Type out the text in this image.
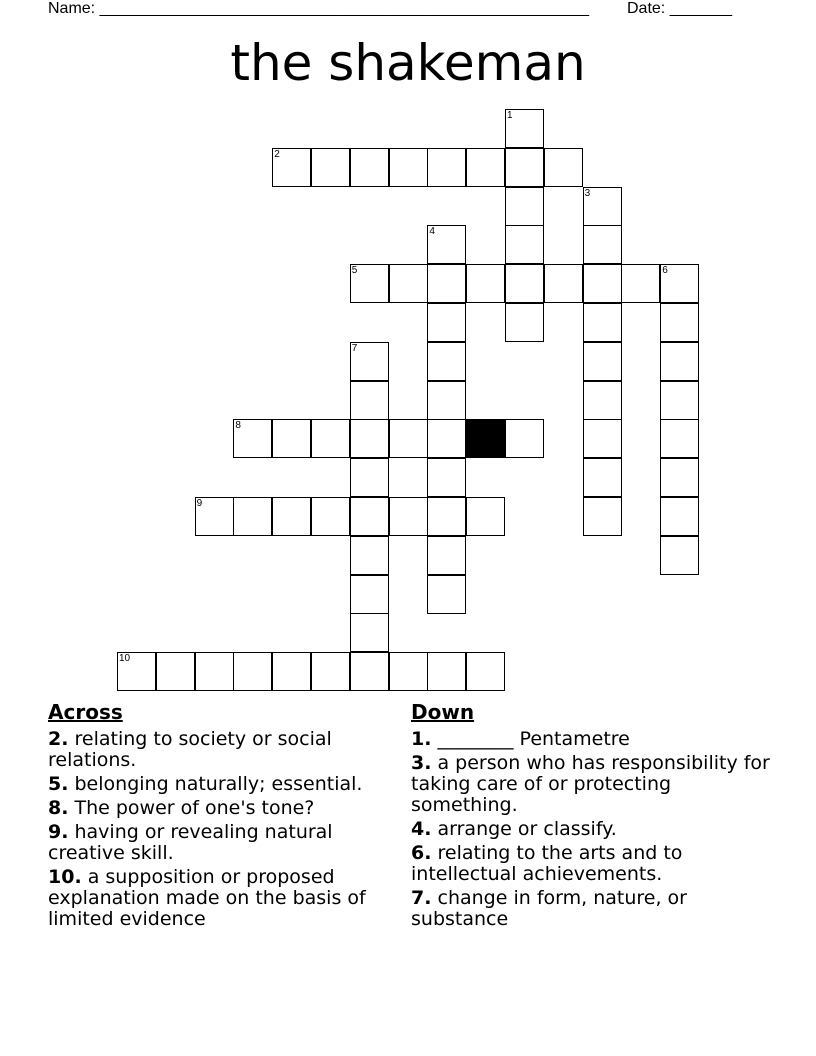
Name: _______________________________________________________ Date: _______
the shakeman
1
2
3
4
5	6
7
8
9
10
Across
2. relating to society or social relations.
5. belonging naturally; essential.
8. The power of one's tone?
9. having or revealing natural creative skill.
10. a supposition or proposed explanation made on the basis of limited evidence
Down
1. ________ Pentametre
3. a person who has responsibility for taking care of or protecting something.
4. arrange or classify.
6. relating to the arts and to intellectual achievements.
7. change in form, nature, or substance
